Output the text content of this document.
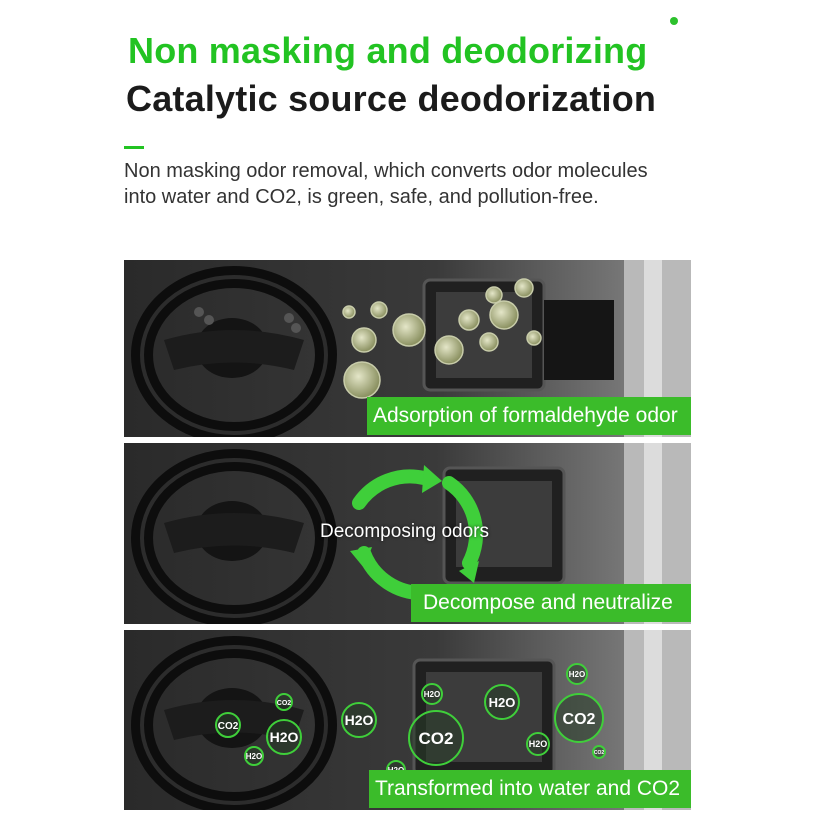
Non masking and deodorizing
Catalytic source deodorization

Non masking odor removal, which converts odor molecules into water and CO2, is green, safe, and pollution-free.

Adsorption of formaldehyde odor
Decomposing odors
Decompose and neutralize
CO2
H2O
CO2
H2O
H2O
CO2
H2O
H2O
CO2
H2O
H2O
CO2
Transformed into water and CO2
